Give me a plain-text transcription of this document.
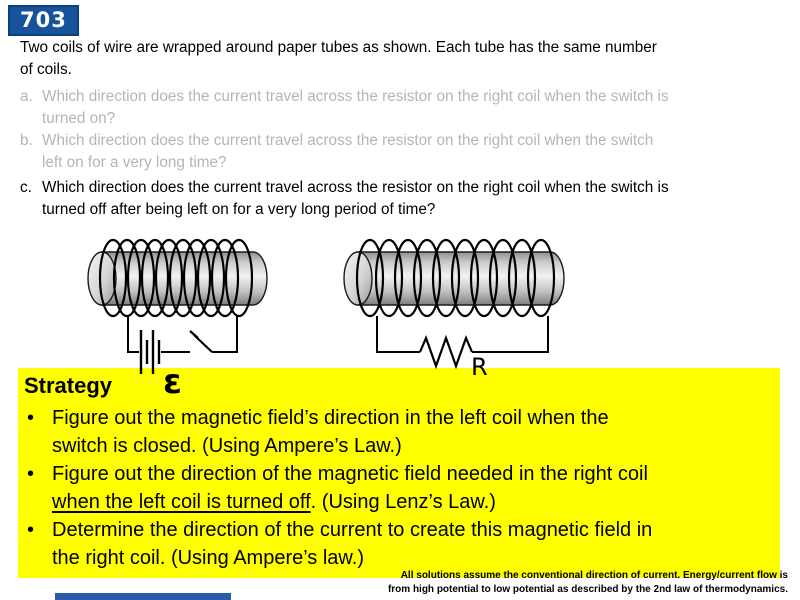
703
Two coils of wire are wrapped around paper tubes as shown. Each tube has the same number
of coils.
a. Which direction does the current travel across the resistor on the right coil when the switch is
turned on?
b. Which direction does the current travel across the resistor on the right coil when the switch
left on for a very long time?
c. Which direction does the current travel across the resistor on the right coil when the switch is
turned off after being left on for a very long period of time?
Strategy
• Figure out the magnetic field’s direction in the left coil when the
switch is closed. (Using Ampere’s Law.)
• Figure out the direction of the magnetic field needed in the right coil
when the left coil is turned off. (Using Lenz’s Law.)
• Determine the direction of the current to create this magnetic field in
the right coil. (Using Ampere’s law.)
ε	R
All solutions assume the conventional direction of current. Energy/current flow is
from high potential to low potential as described by the 2nd law of thermodynamics.
